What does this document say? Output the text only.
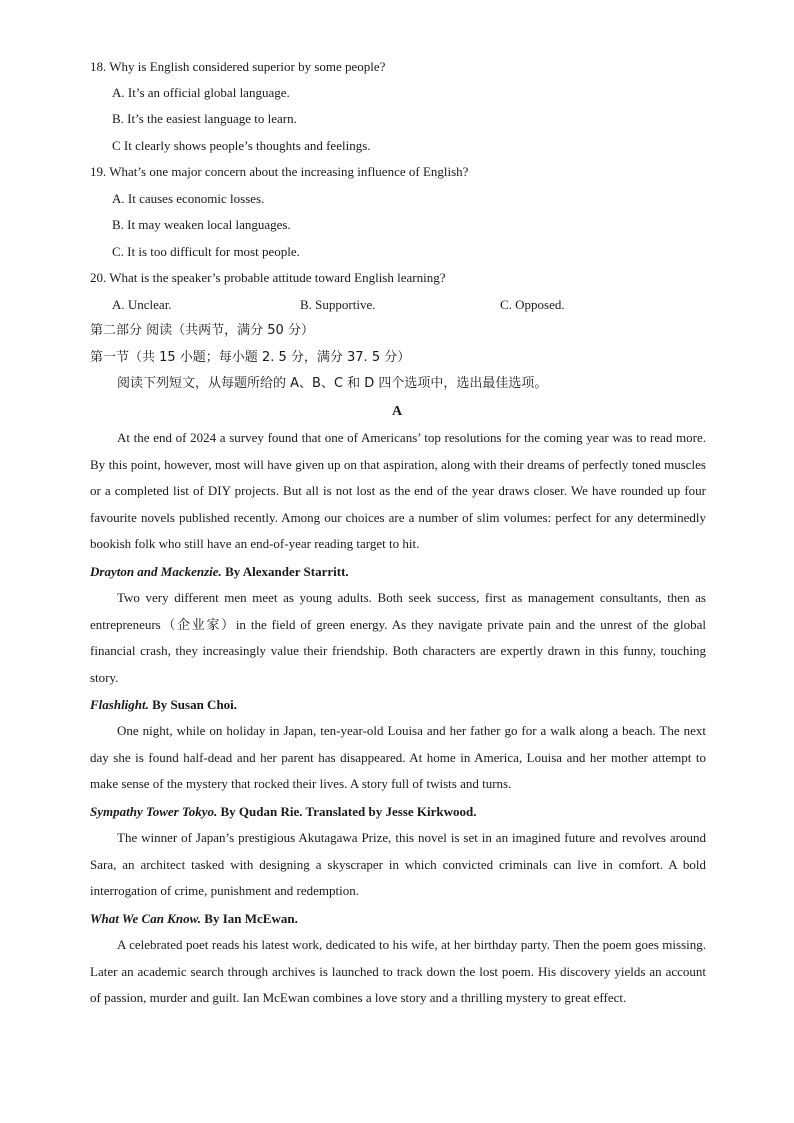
18. Why is English considered superior by some people?
A. It’s an official global language.
B. It’s the easiest language to learn.
C It clearly shows people’s thoughts and feelings.
19. What’s one major concern about the increasing influence of English?
A. It causes economic losses.
B. It may weaken local languages.
C. It is too difficult for most people.
20. What is the speaker’s probable attitude toward English learning?
A. Unclear.	B. Supportive.	C. Opposed.
第二部分 阅读（共两节，满分 50 分）
第一节（共 15 小题；每小题 2. 5 分，满分 37. 5 分）
阅读下列短文，从每题所给的 A、B、C 和 D 四个选项中，选出最佳选项。
A

At the end of 2024 a survey found that one of Americans’ top resolutions for the coming year was to read more. By this point, however, most will have given up on that aspiration, along with their dreams of perfectly toned muscles or a completed list of DIY projects. But all is not lost as the end of the year draws closer. We have rounded up four favourite novels published recently. Among our choices are a number of slim volumes: perfect for any determinedly bookish folk who still have an end-of-year reading target to hit.

Drayton and Mackenzie. By Alexander Starritt.

Two very different men meet as young adults. Both seek success, first as management consultants, then as entrepreneurs（企业家）in the field of green energy. As they navigate private pain and the unrest of the global financial crash, they increasingly value their friendship. Both characters are expertly drawn in this funny, touching story.

Flashlight. By Susan Choi.

One night, while on holiday in Japan, ten-year-old Louisa and her father go for a walk along a beach. The next day she is found half-dead and her parent has disappeared. At home in America, Louisa and her mother attempt to make sense of the mystery that rocked their lives. A story full of twists and turns.

Sympathy Tower Tokyo. By Qudan Rie. Translated by Jesse Kirkwood.

The winner of Japan’s prestigious Akutagawa Prize, this novel is set in an imagined future and revolves around Sara, an architect tasked with designing a skyscraper in which convicted criminals can live in comfort. A bold interrogation of crime, punishment and redemption.

What We Can Know. By Ian McEwan.

A celebrated poet reads his latest work, dedicated to his wife, at her birthday party. Then the poem goes missing. Later an academic search through archives is launched to track down the lost poem. His discovery yields an account of passion, murder and guilt. Ian McEwan combines a love story and a thrilling mystery to great effect.
